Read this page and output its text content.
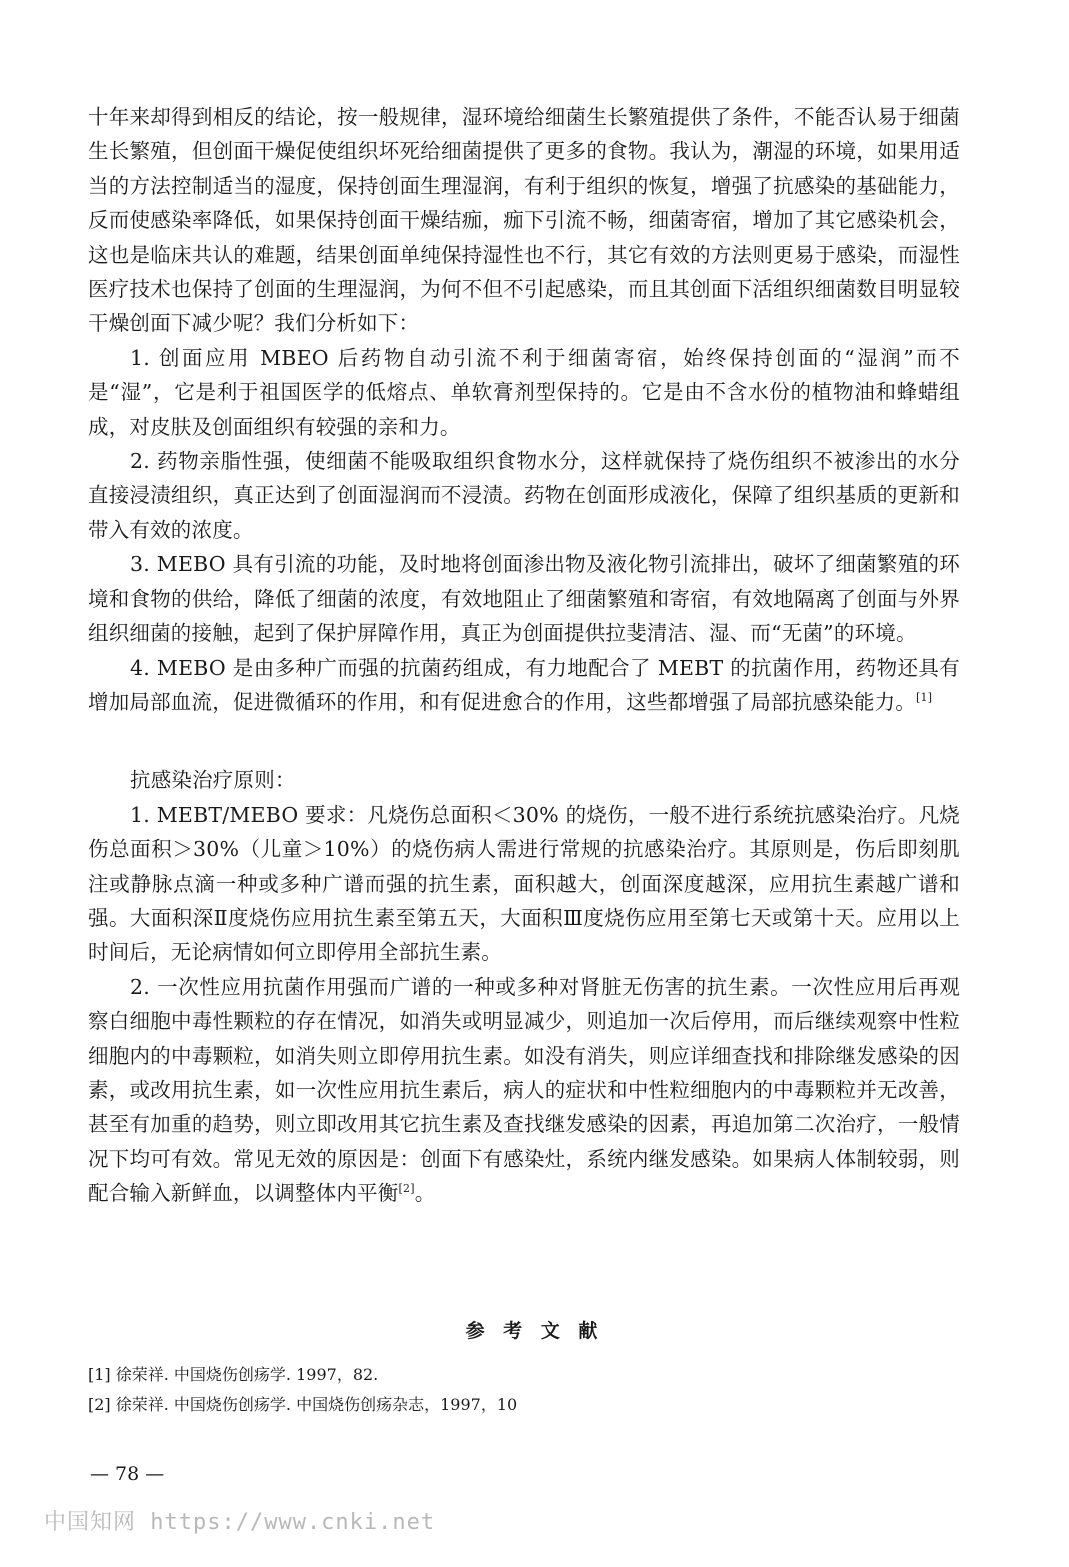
十年来却得到相反的结论，按一般规律，湿环境给细菌生长繁殖提供了条件，不能否认易于细菌生长繁殖，但创面干燥促使组织坏死给细菌提供了更多的食物。我认为，潮湿的环境，如果用适当的方法控制适当的湿度，保持创面生理湿润，有利于组织的恢复，增强了抗感染的基础能力，反而使感染率降低，如果保持创面干燥结痂，痂下引流不畅，细菌寄宿，增加了其它感染机会，这也是临床共认的难题，结果创面单纯保持湿性也不行，其它有效的方法则更易于感染，而湿性医疗技术也保持了创面的生理湿润，为何不但不引起感染，而且其创面下活组织细菌数目明显较干燥创面下减少呢？我们分析如下：

1. 创面应用 MBEO 后药物自动引流不利于细菌寄宿，始终保持创面的“湿润”而不是“湿”，它是利于祖国医学的低熔点、单软膏剂型保持的。它是由不含水份的植物油和蜂蜡组成，对皮肤及创面组织有较强的亲和力。

2. 药物亲脂性强，使细菌不能吸取组织食物水分，这样就保持了烧伤组织不被渗出的水分直接浸渍组织，真正达到了创面湿润而不浸渍。药物在创面形成液化，保障了组织基质的更新和带入有效的浓度。

3. MEBO 具有引流的功能，及时地将创面渗出物及液化物引流排出，破坏了细菌繁殖的环境和食物的供给，降低了细菌的浓度，有效地阻止了细菌繁殖和寄宿，有效地隔离了创面与外界组织细菌的接触，起到了保护屏障作用，真正为创面提供拉斐清洁、湿、而“无菌”的环境。

4. MEBO 是由多种广而强的抗菌药组成，有力地配合了 MEBT 的抗菌作用，药物还具有增加局部血流，促进微循环的作用，和有促进愈合的作用，这些都增强了局部抗感染能力。[1]

抗感染治疗原则：

1. MEBT/MEBO 要求：凡烧伤总面积＜30% 的烧伤，一般不进行系统抗感染治疗。凡烧伤总面积＞30%（儿童＞10%）的烧伤病人需进行常规的抗感染治疗。其原则是，伤后即刻肌注或静脉点滴一种或多种广谱而强的抗生素，面积越大，创面深度越深，应用抗生素越广谱和强。大面积深Ⅱ度烧伤应用抗生素至第五天，大面积Ⅲ度烧伤应用至第七天或第十天。应用以上时间后，无论病情如何立即停用全部抗生素。

2. 一次性应用抗菌作用强而广谱的一种或多种对肾脏无伤害的抗生素。一次性应用后再观察白细胞中毒性颗粒的存在情况，如消失或明显减少，则追加一次后停用，而后继续观察中性粒细胞内的中毒颗粒，如消失则立即停用抗生素。如没有消失，则应详细查找和排除继发感染的因素，或改用抗生素，如一次性应用抗生素后，病人的症状和中性粒细胞内的中毒颗粒并无改善，甚至有加重的趋势，则立即改用其它抗生素及查找继发感染的因素，再追加第二次治疗，一般情况下均可有效。常见无效的原因是：创面下有感染灶，系统内继发感染。如果病人体制较弱，则配合输入新鲜血，以调整体内平衡[2]。

参 考 文 献
[1] 徐荣祥. 中国烧伤创疡学. 1997，82.
[2] 徐荣祥. 中国烧伤创疡学. 中国烧伤创疡杂志，1997，10
— 78 —
中国知网 https://www.cnki.net
